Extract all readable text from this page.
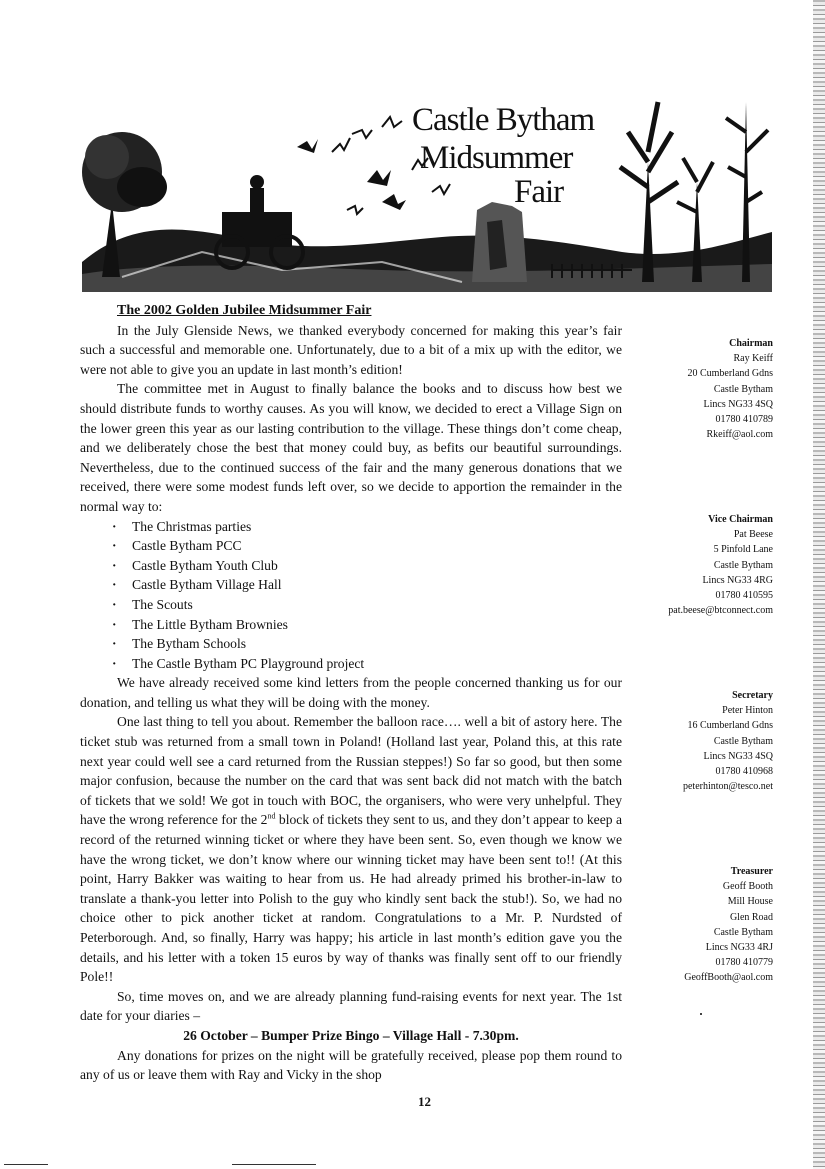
Castle Bytham
Midsummer
Fair
The 2002 Golden Jubilee Midsummer Fair

In the July Glenside News, we thanked everybody concerned for making this year’s fair such a successful and memorable one. Unfortunately, due to a bit of a mix up with the editor, we were not able to give you an update in last month’s edition!

The committee met in August to finally balance the books and to discuss how best we should distribute funds to worthy causes. As you will know, we decided to erect a Village Sign on the lower green this year as our lasting contribution to the village. These things don’t come cheap, and we deliberately chose the best that money could buy, as befits our beautiful surroundings. Nevertheless, due to the continued success of the fair and the many generous donations that we received, there were some modest funds left over, so we decide to apportion the remainder in the normal way to:

· The Christmas parties
· Castle Bytham PCC
· Castle Bytham Youth Club
· Castle Bytham Village Hall
· The Scouts
· The Little Bytham Brownies
· The Bytham Schools
· The Castle Bytham PC Playground project

We have already received some kind letters from the people concerned thanking us for our donation, and telling us what they will be doing with the money.

One last thing to tell you about. Remember the balloon race…. well a bit of astory here. The ticket stub was returned from a small town in Poland! (Holland last year, Poland this, at this rate next year could well see a card returned from the Russian steppes!) So far so good, but then some major confusion, because the number on the card that was sent back did not match with the batch of tickets that we sold! We got in touch with BOC, the organisers, who were very unhelpful. They have the wrong reference for the 2nd block of tickets they sent to us, and they don’t appear to keep a record of the returned winning ticket or where they have been sent. So, even though we know we have the wrong ticket, we don’t know where our winning ticket may have been sent to!! (At this point, Harry Bakker was waiting to hear from us. He had already primed his brother-in-law to translate a thank-you letter into Polish to the guy who kindly sent back the stub!). So, we had no choice other to pick another ticket at random. Congratulations to a Mr. P. Nurdsted of Peterborough. And, so finally, Harry was happy; his article in last month’s edition gave you the details, and his letter with a token 15 euros by way of thanks was finally sent off to our friendly Pole!!

So, time moves on, and we are already planning fund-raising events for next year. The 1st date for your diaries –

26 October – Bumper Prize Bingo – Village Hall - 7.30pm.

Any donations for prizes on the night will be gratefully received, please pop them round to any of us or leave them with Ray and Vicky in the shop

Chairman
Ray Keiff
20 Cumberland Gdns
Castle Bytham
Lincs NG33 4SQ
01780 410789
Rkeiff@aol.com
Vice Chairman
Pat Beese
5 Pinfold Lane
Castle Bytham
Lincs NG33 4RG
01780 410595
pat.beese@btconnect.com
Secretary
Peter Hinton
16 Cumberland Gdns
Castle Bytham
Lincs NG33 4SQ
01780 410968
peterhinton@tesco.net
Treasurer
Geoff Booth
Mill House
Glen Road
Castle Bytham
Lincs NG33 4RJ
01780 410779
GeoffBooth@aol.com
12
